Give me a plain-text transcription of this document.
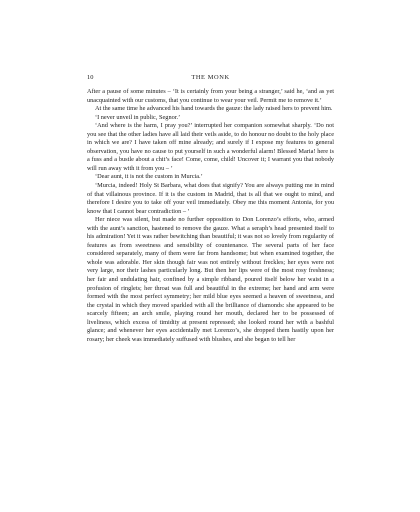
10	THE MONK

After a pause of some minutes – ‘It is certainly from your being a stranger,’ said he, ‘and as yet unacquainted with our customs, that you continue to wear your veil. Permit me to remove it.’

At the same time he advanced his hand towards the gauze: the lady raised hers to prevent him.

‘I never unveil in public, Segnor.’

‘And where is the harm, I pray you?’ interrupted her companion somewhat sharply. ‘Do not you see that the other ladies have all laid their veils aside, to do honour no doubt to the holy place in which we are? I have taken off mine already; and surely if I expose my features to general observation, you have no cause to put yourself in such a wonderful alarm! Blessed Maria! here is a fuss and a bustle about a chit’s face! Come, come, child! Uncover it; I warrant you that nobody will run away with it from you – ’

‘Dear aunt, it is not the custom in Murcia.’

‘Murcia, indeed! Holy St Barbara, what does that signify? You are always putting me in mind of that villainous province. If it is the custom in Madrid, that is all that we ought to mind, and therefore I desire you to take off your veil immediately. Obey me this moment Antonia, for you know that I cannot bear contradiction – ’

Her niece was silent, but made no further opposition to Don Lorenzo’s efforts, who, armed with the aunt’s sanction, hastened to remove the gauze. What a seraph’s head presented itself to his admiration! Yet it was rather bewitching than beautiful; it was not so lovely from regularity of features as from sweetness and sensibility of countenance. The several parts of her face considered separately, many of them were far from handsome; but when examined together, the whole was adorable. Her skin though fair was not entirely without freckles; her eyes were not very large, nor their lashes particularly long. But then her lips were of the most rosy freshness; her fair and undulating hair, confined by a simple ribband, poured itself below her waist in a profusion of ringlets; her throat was full and beautiful in the extreme; her hand and arm were formed with the most perfect symmetry; her mild blue eyes seemed a heaven of sweetness, and the crystal in which they moved sparkled with all the brilliance of diamonds: she appeared to be scarcely fifteen; an arch smile, playing round her mouth, declared her to be possessed of liveliness, which excess of timidity at present repressed; she looked round her with a bashful glance; and whenever her eyes accidentally met Lorenzo’s, she dropped them hastily upon her rosary; her cheek was immediately suffused with blushes, and she began to tell her
